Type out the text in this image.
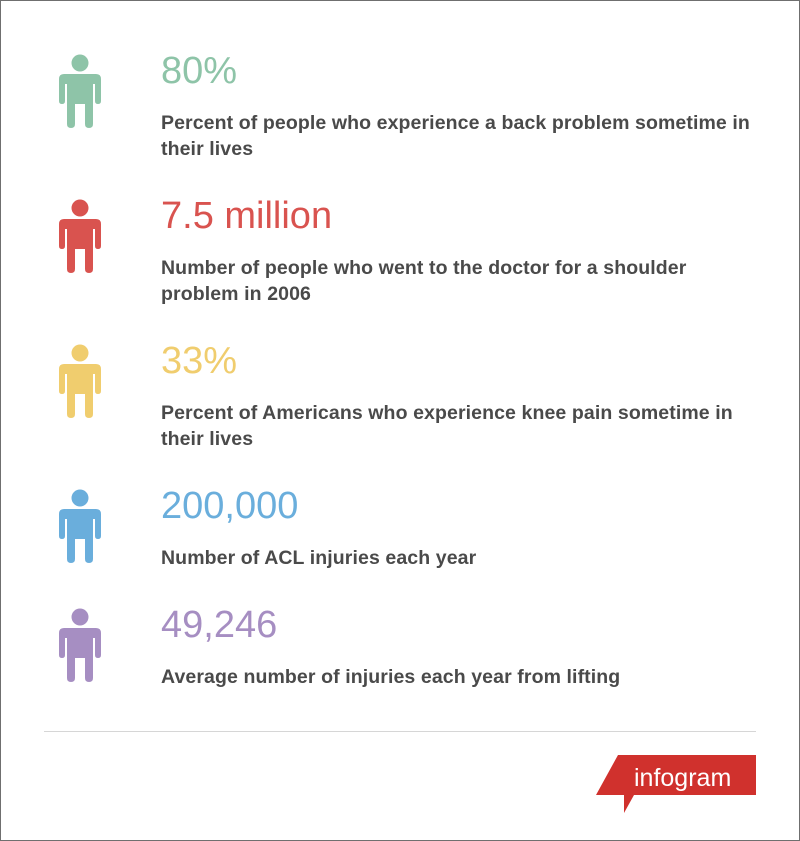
80%
Percent of people who experience a back problem sometime in their lives
7.5 million
Number of people who went to the doctor for a shoulder problem in 2006
33%
Percent of Americans who experience knee pain sometime in their lives
200,000
Number of ACL injuries each year
49,246
Average number of injuries each year from lifting
infogram
